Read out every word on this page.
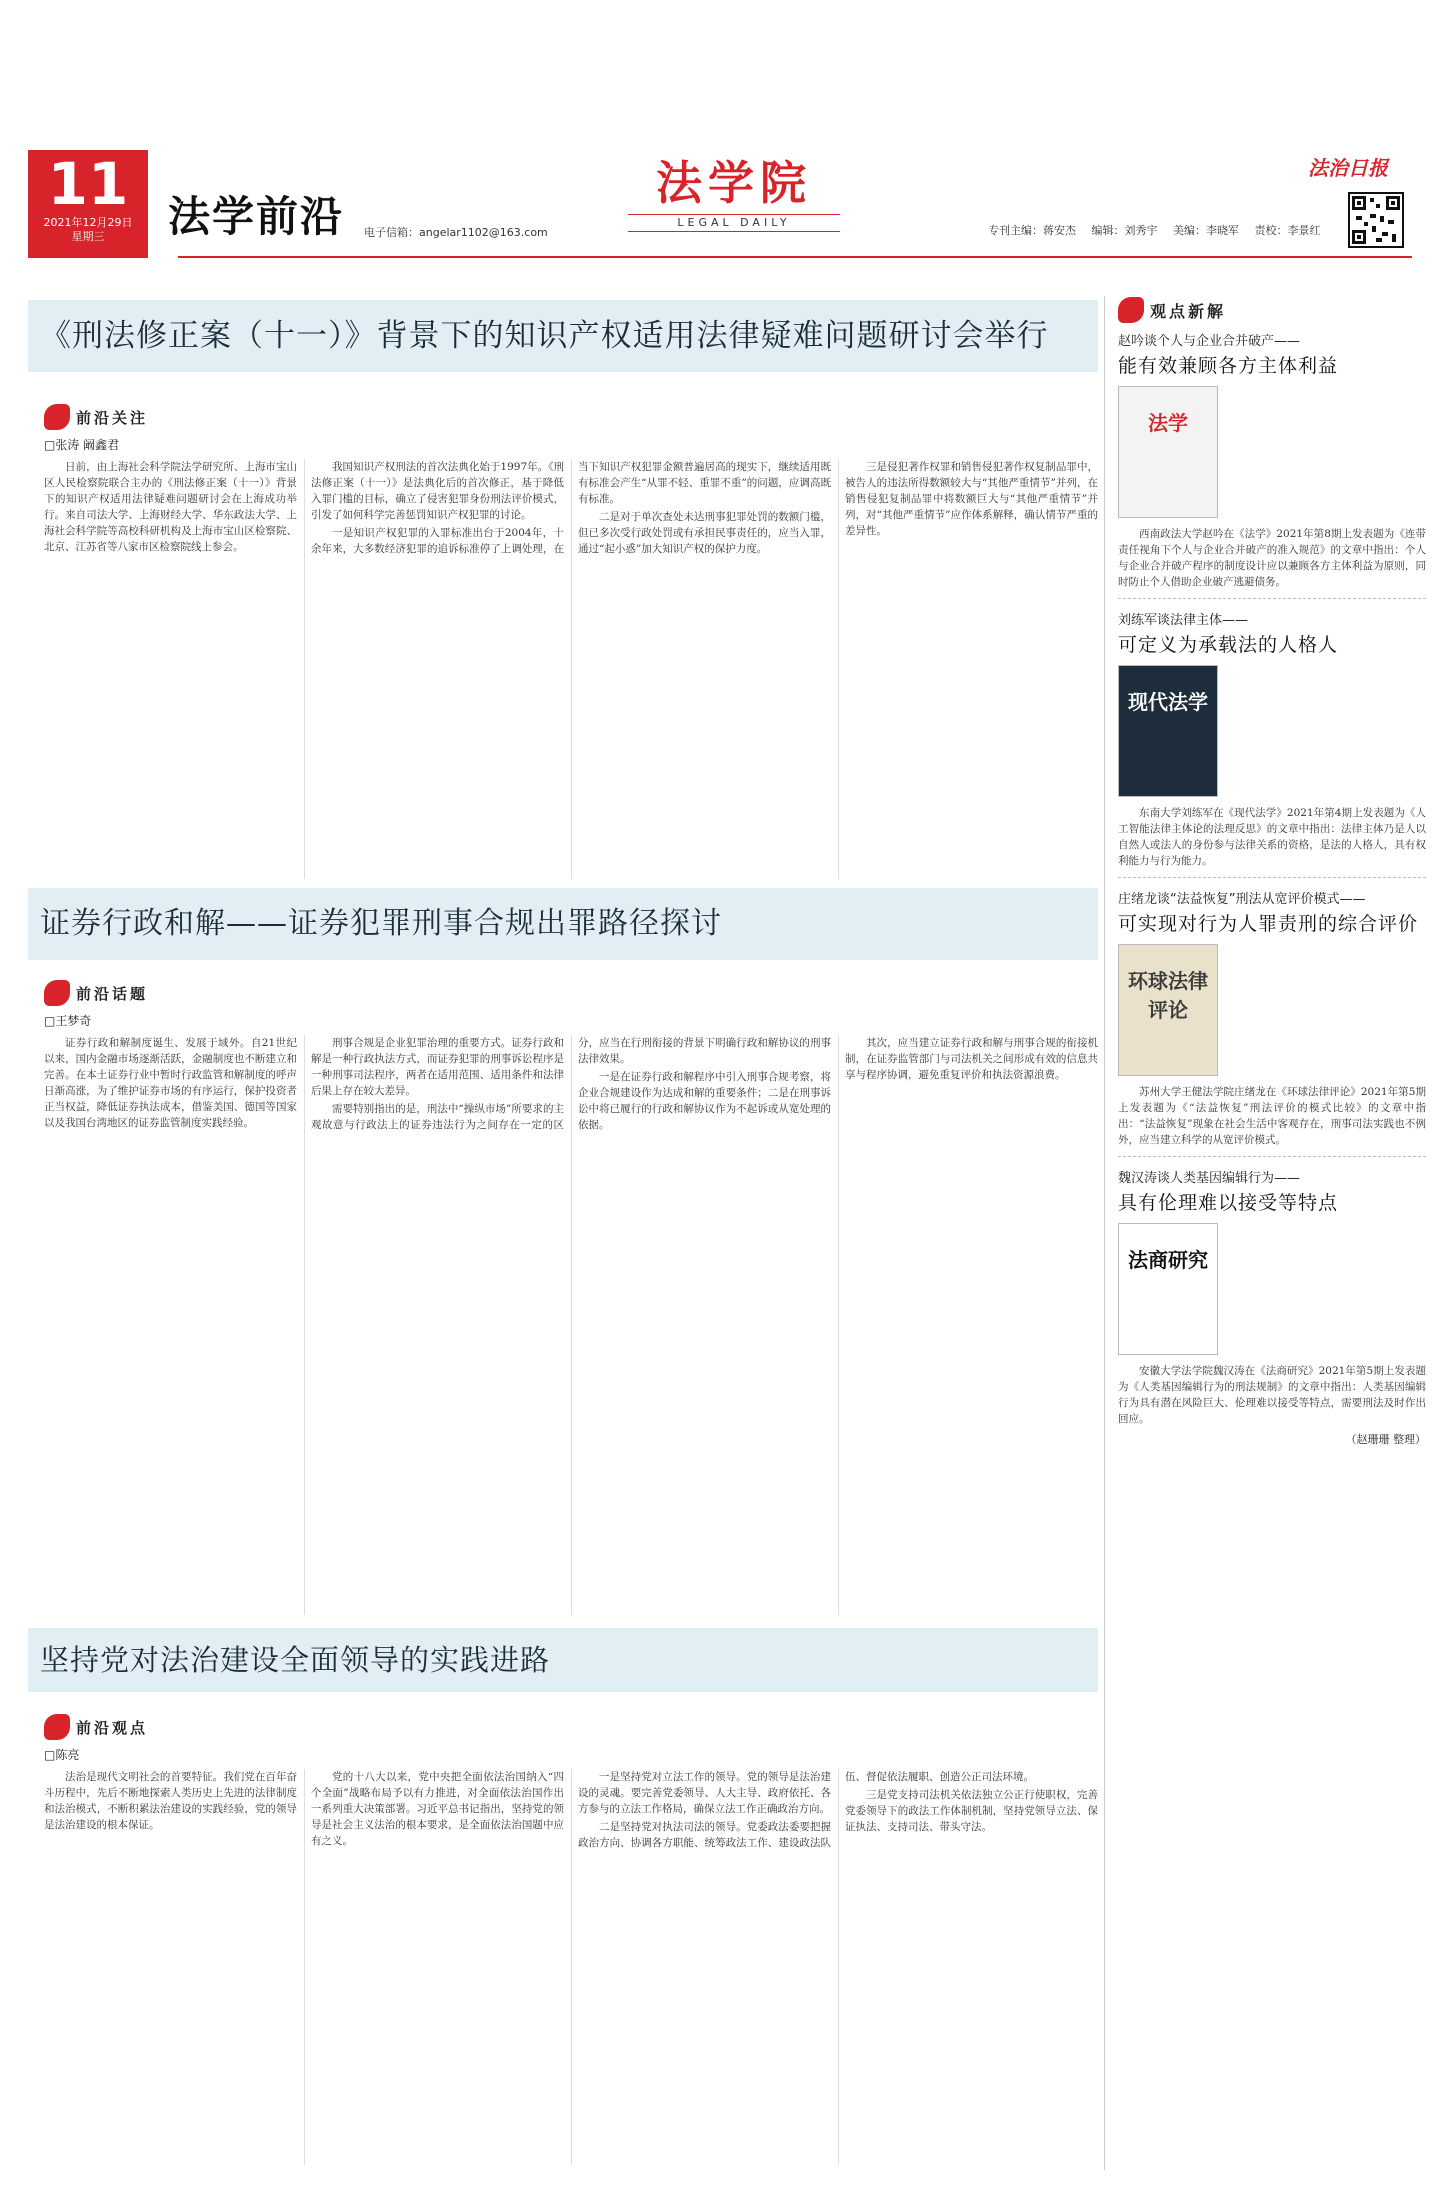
11
2021年12月29日
星期三	法学前沿 电子信箱：angelar1102@163.com
法学院
LEGAL DAILY
专刊主编：蒋安杰 编辑：刘秀宇 美编：李晓军 责校：李景红
法治日报
《刑法修正案（十一）》背景下的知识产权适用法律疑难问题研讨会举行
前沿关注
□ 张涛 阚鑫君

日前，由上海社会科学院法学研究所、上海市宝山区人民检察院联合主办的《刑法修正案（十一）》背景下的知识产权适用法律疑难问题研讨会在上海成功举行。来自司法大学、上海财经大学、华东政法大学、上海社会科学院等高校科研机构及上海市宝山区检察院、北京、江苏省等八家市区检察院线上参会。

我国知识产权刑法的首次法典化始于1997年。《刑法修正案（十一）》是法典化后的首次修正，基于降低入罪门槛的目标，确立了侵害犯罪身份刑法评价模式，引发了如何科学完善惩罚知识产权犯罪的讨论。

一是知识产权犯罪的入罪标准出台于2004年，十余年来，大多数经济犯罪的追诉标准停了上调处理，在当下知识产权犯罪金额普遍居高的现实下，继续适用既有标准会产生“从罪不轻、重罪不重”的问题，应调高既有标准。

二是对于单次查处未达刑事犯罪处罚的数额门槛，但已多次受行政处罚或有承担民事责任的，应当入罪，通过“起小惑”加大知识产权的保护力度。

三是侵犯著作权罪和销售侵犯著作权复制品罪中，被告人的违法所得数额较大与“其他严重情节”并列，在销售侵犯复制品罪中将数额巨大与“其他严重情节”并列，对“其他严重情节”应作体系解释，确认情节严重的差异性。

证券行政和解——证券犯罪刑事合规出罪路径探讨
前沿话题
□ 王梦奇

证券行政和解制度诞生、发展于域外。自21世纪以来，国内金融市场逐渐活跃，金融制度也不断建立和完善。在本土证券行业中暂时行政监管和解制度的呼声日渐高涨，为了维护证券市场的有序运行，保护投资者正当权益，降低证券执法成本，借鉴美国、德国等国家以及我国台湾地区的证券监管制度实践经验。

刑事合规是企业犯罪治理的重要方式。证券行政和解是一种行政执法方式，而证券犯罪的刑事诉讼程序是一种刑事司法程序，两者在适用范围、适用条件和法律后果上存在较大差异。

需要特别指出的是，刑法中“操纵市场”所要求的主观故意与行政法上的证券违法行为之间存在一定的区分，应当在行刑衔接的背景下明确行政和解协议的刑事法律效果。

一是在证券行政和解程序中引入刑事合规考察，将企业合规建设作为达成和解的重要条件；二是在刑事诉讼中将已履行的行政和解协议作为不起诉或从宽处理的依据。

其次，应当建立证券行政和解与刑事合规的衔接机制，在证券监管部门与司法机关之间形成有效的信息共享与程序协调，避免重复评价和执法资源浪费。

坚持党对法治建设全面领导的实践进路
前沿观点
□ 陈亮

法治是现代文明社会的首要特征。我们党在百年奋斗历程中，先后不断地探索人类历史上先进的法律制度和法治模式，不断积累法治建设的实践经验，党的领导是法治建设的根本保证。

党的十八大以来，党中央把全面依法治国纳入“四个全面”战略布局予以有力推进，对全面依法治国作出一系列重大决策部署。习近平总书记指出，坚持党的领导是社会主义法治的根本要求，是全面依法治国题中应有之义。

一是坚持党对立法工作的领导。党的领导是法治建设的灵魂。要完善党委领导、人大主导、政府依托、各方参与的立法工作格局，确保立法工作正确政治方向。

二是坚持党对执法司法的领导。党委政法委要把握政治方向、协调各方职能、统筹政法工作、建设政法队伍、督促依法履职、创造公正司法环境。

三是党支持司法机关依法独立公正行使职权，完善党委领导下的政法工作体制机制，坚持党领导立法、保证执法、支持司法、带头守法。

观点新解
赵吟谈个人与企业合并破产——
能有效兼顾各方主体利益
法学
西南政法大学赵吟在《法学》2021年第8期上发表题为《连带责任视角下个人与企业合并破产的准入规范》的文章中指出：个人与企业合并破产程序的制度设计应以兼顾各方主体利益为原则，同时防止个人借助企业破产逃避债务。
刘练军谈法律主体——
可定义为承载法的人格人
现代法学
东南大学刘练军在《现代法学》2021年第4期上发表题为《人工智能法律主体论的法理反思》的文章中指出：法律主体乃是人以自然人或法人的身份参与法律关系的资格，是法的人格人，具有权利能力与行为能力。
庄绪龙谈“法益恢复”刑法从宽评价模式——
可实现对行为人罪责刑的综合评价
环球法律评论
苏州大学王健法学院庄绪龙在《环球法律评论》2021年第5期上发表题为《“法益恢复”刑法评价的模式比较》的文章中指出：“法益恢复”现象在社会生活中客观存在，刑事司法实践也不例外，应当建立科学的从宽评价模式。
魏汉涛谈人类基因编辑行为——
具有伦理难以接受等特点
法商研究
安徽大学法学院魏汉涛在《法商研究》2021年第5期上发表题为《人类基因编辑行为的刑法规制》的文章中指出：人类基因编辑行为具有潜在风险巨大、伦理难以接受等特点，需要刑法及时作出回应。
（赵珊珊 整理）
